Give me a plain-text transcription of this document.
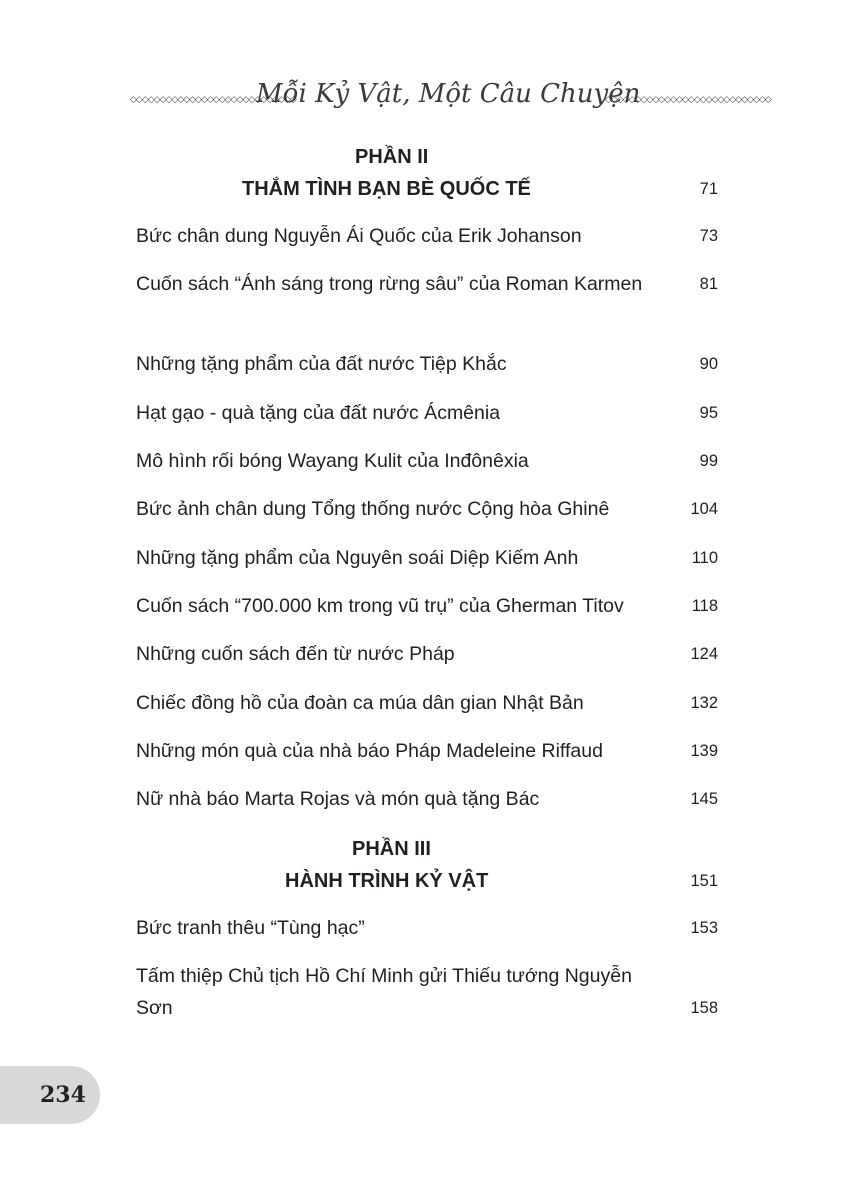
◇◇◇◇◇◇◇◇◇◇◇◇◇◇◇◇◇◇◇◇◇◇◇◇◇◇◇◇
Mỗi Kỷ Vật, Một Câu Chuyện
◇◇◇◇◇◇◇◇◇◇◇◇◇◇◇◇◇◇◇◇◇◇◇◇◇◇◇◇
PHẦN II
THẮM TÌNH BẠN BÈ QUỐC TẾ	71
Bức chân dung Nguyễn Ái Quốc của Erik Johanson	73
Cuốn sách “Ánh sáng trong rừng sâu” của Roman Karmen	81
Những tặng phẩm của đất nước Tiệp Khắc	90
Hạt gạo - quà tặng của đất nước Ácmênia	95
Mô hình rối bóng Wayang Kulit của Inđônêxia	99
Bức ảnh chân dung Tổng thống nước Cộng hòa Ghinê	104
Những tặng phẩm của Nguyên soái Diệp Kiếm Anh	110
Cuốn sách “700.000 km trong vũ trụ” của Gherman Titov	118
Những cuốn sách đến từ nước Pháp	124
Chiếc đồng hồ của đoàn ca múa dân gian Nhật Bản	132
Những món quà của nhà báo Pháp Madeleine Riffaud	139
Nữ nhà báo Marta Rojas và món quà tặng Bác	145
PHẦN III
HÀNH TRÌNH KỶ VẬT	151
Bức tranh thêu “Tùng hạc”	153
Tấm thiệp Chủ tịch Hồ Chí Minh gửi Thiếu tướng Nguyễn Sơn	158
234
